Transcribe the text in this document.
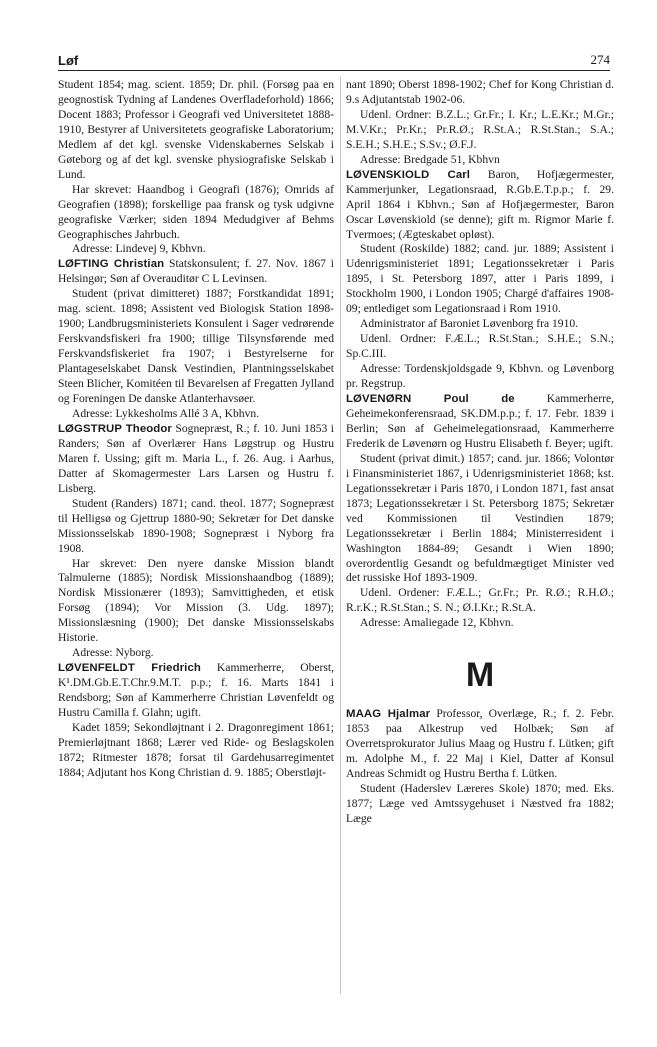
Løf	274

Student 1854; mag. scient. 1859; Dr. phil. (Forsøg paa en geognostisk Tydning af Landenes Overfladeforhold) 1866; Docent 1883; Professor i Geografi ved Universitetet 1888-1910, Bestyrer af Universitetets geografiske Laboratorium; Medlem af det kgl. svenske Videnskabernes Selskab i Gøteborg og af det kgl. svenske physiografiske Selskab i Lund.

Har skrevet: Haandbog i Geografi (1876); Omrids af Geografien (1898); forskellige paa fransk og tysk udgivne geografiske Værker; siden 1894 Medudgiver af Behms Geographisches Jahrbuch.

Adresse: Lindevej 9, Kbhvn.

LØFTING Christian Statskonsulent; f. 27. Nov. 1867 i Helsingør; Søn af Overauditør C L Levinsen.

Student (privat dimitteret) 1887; Forstkandidat 1891; mag. scient. 1898; Assistent ved Biologisk Station 1898-1900; Landbrugsministeriets Konsulent i Sager vedrørende Ferskvandsfiskeri fra 1900; tillige Tilsynsførende med Ferskvandsfiskeriet fra 1907; i Bestyrelserne for Plantageselskabet Dansk Vestindien, Plantningsselskabet Steen Blicher, Komitéen til Bevarelsen af Fregatten Jylland og Foreningen De danske Atlanterhavsøer.

Adresse: Lykkesholms Allé 3 A, Kbhvn.

LØGSTRUP Theodor Sognepræst, R.; f. 10. Juni 1853 i Randers; Søn af Overlærer Hans Løgstrup og Hustru Maren f. Ussing; gift m. Maria L., f. 26. Aug. i Aarhus, Datter af Skomagermester Lars Larsen og Hustru f. Lisberg.

Student (Randers) 1871; cand. theol. 1877; Sognepræst til Helligsø og Gjettrup 1880-90; Sekretær for Det danske Missionsselskab 1890-1908; Sognepræst i Nyborg fra 1908.

Har skrevet: Den nyere danske Mission blandt Talmulerne (1885); Nordisk Missionshaandbog (1889); Nordisk Missionærer (1893); Samvittigheden, et etisk Forsøg (1894); Vor Mission (3. Udg. 1897); Missionslæsning (1900); Det danske Missionsselskabs Historie.

Adresse: Nyborg.

LØVENFELDT Friedrich Kammerherre, Oberst, K¹.DM.Gb.E.T.Chr.9.M.T. p.p.; f. 16. Marts 1841 i Rendsborg; Søn af Kammerherre Christian Løvenfeldt og Hustru Camilla f. Glahn; ugift.

Kadet 1859; Sekondløjtnant i 2. Dragonregiment 1861; Premierløjtnant 1868; Lærer ved Ride- og Beslagskolen 1872; Ritmester 1878; forsat til Gardehusarregimentet 1884; Adjutant hos Kong Christian d. 9. 1885; Oberstløjt-

nant 1890; Oberst 1898-1902; Chef for Kong Christian d. 9.s Adjutantstab 1902-06.

Udenl. Ordner: B.Z.L.; Gr.Fr.; I. Kr.; L.E.Kr.; M.Gr.; M.V.Kr.; Pr.Kr.; Pr.R.Ø.; R.St.A.; R.St.Stan.; S.A.; S.E.H.; S.H.E.; S.Sv.; Ø.F.J.

Adresse: Bredgade 51, Kbhvn

LØVENSKIOLD Carl Baron, Hofjægermester, Kammerjunker, Legationsraad, R.Gb.E.T.p.p.; f. 29. April 1864 i Kbhvn.; Søn af Hofjægermester, Baron Oscar Løvenskiold (se denne); gift m. Rigmor Marie f. Tvermoes; (Ægteskabet opløst).

Student (Roskilde) 1882; cand. jur. 1889; Assistent i Udenrigsministeriet 1891; Legationssekretær i Paris 1895, i St. Petersborg 1897, atter i Paris 1899, i Stockholm 1900, i London 1905; Chargé d'affaires 1908-09; entlediget som Legationsraad i Rom 1910.

Administrator af Baroniet Løvenborg fra 1910.

Udenl. Ordner: F.Æ.L.; R.St.Stan.; S.H.E.; S.N.; Sp.C.III.

Adresse: Tordenskjoldsgade 9, Kbhvn. og Løvenborg pr. Regstrup.

LØVENØRN Poul de Kammerherre, Geheimekonferensraad, SK.DM.p.p.; f. 17. Febr. 1839 i Berlin; Søn af Geheimelegationsraad, Kammerherre Frederik de Løvenørn og Hustru Elisabeth f. Beyer; ugift.

Student (privat dimit.) 1857; cand. jur. 1866; Volontør i Finansministeriet 1867, i Udenrigsministeriet 1868; kst. Legationssekretær i Paris 1870, i London 1871, fast ansat 1873; Legationssekretær i St. Petersborg 1875; Sekretær ved Kommissionen til Vestindien 1879; Legationssekretær i Berlin 1884; Ministerresident i Washington 1884-89; Gesandt i Wien 1890; overordentlig Gesandt og befuldmægtiget Minister ved det russiske Hof 1893-1909.

Udenl. Ordener: F.Æ.L.; Gr.Fr.; Pr. R.Ø.; R.H.Ø.; R.r.K.; R.St.Stan.; S. N.; Ø.I.Kr.; R.St.A.

Adresse: Amaliegade 12, Kbhvn.

M

MAAG Hjalmar Professor, Overlæge, R.; f. 2. Febr. 1853 paa Alkestrup ved Holbæk; Søn af Overretsprokurator Julius Maag og Hustru f. Lütken; gift m. Adolphe M., f. 22 Maj i Kiel, Datter af Konsul Andreas Schmidt og Hustru Bertha f. Lütken.

Student (Haderslev Læreres Skole) 1870; med. Eks. 1877; Læge ved Amtssygehuset i Næstved fra 1882; Læge
